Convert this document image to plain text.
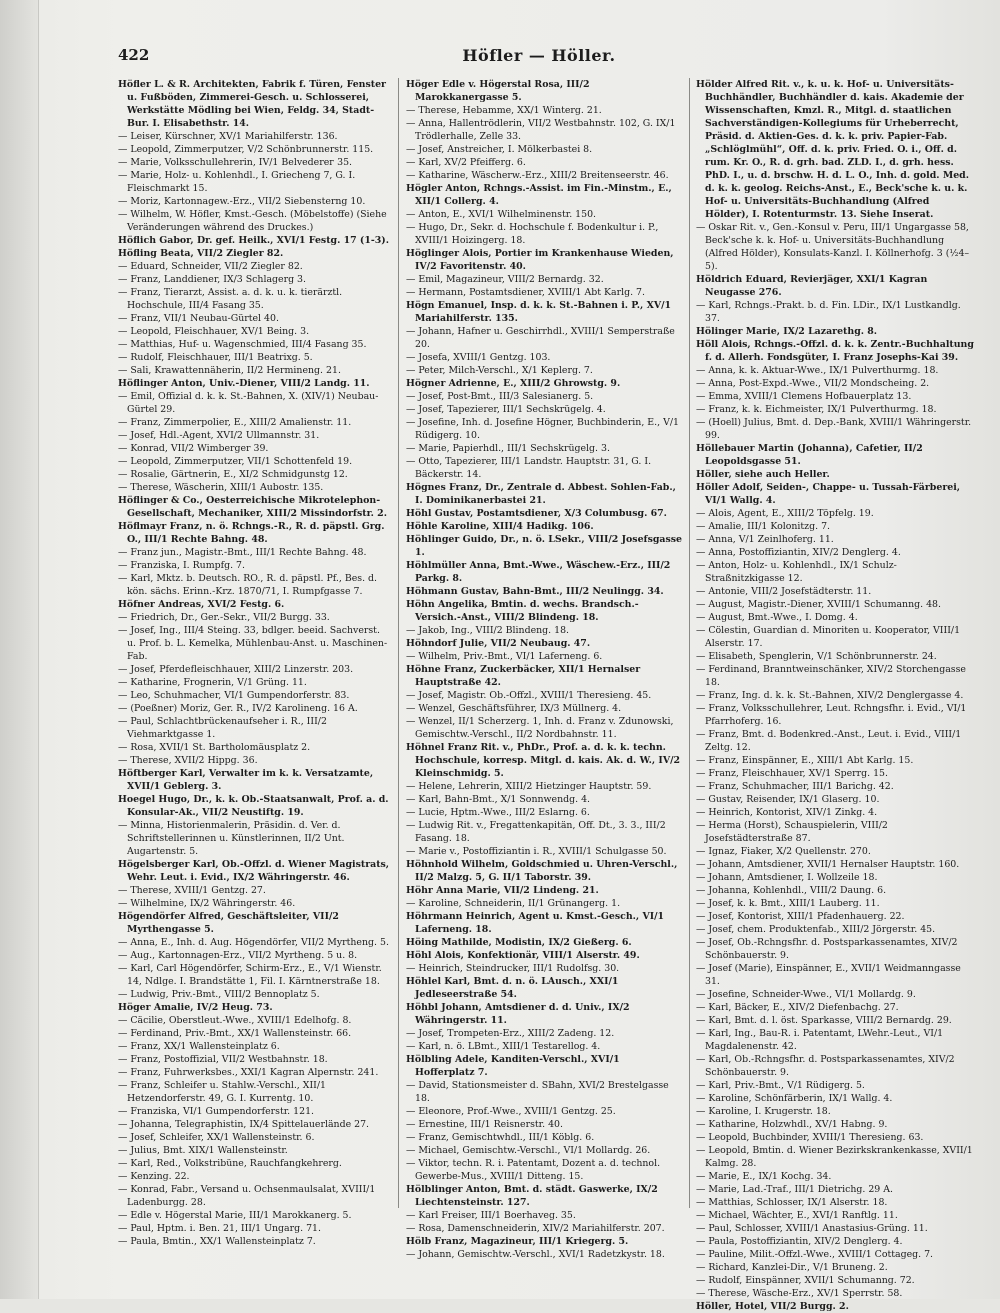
422	Höfler — Höller.

Höfler L. & R. Architekten, Fabrik f. Türen, Fenster u. Fußböden, Zimmerei-Gesch. u. Schlosserei, Werkstätte Mödling bei Wien, Feldg. 34, Stadt-Bur. I. Elisabethstr. 14.

— Leiser, Kürschner, XV/1 Mariahilferstr. 136.

— Leopold, Zimmerputzer, V/2 Schönbrunnerstr. 115.

— Marie, Volksschullehrerin, IV/1 Belvederег 35.

— Marie, Holz- u. Kohlenhdl., I. Griecheng 7, G. I. Fleischmarkt 15.

— Moriz, Kartonnagew.-Erz., VII/2 Siebensterng 10.

— Wilhelm, W. Höfler, Kmst.-Gesch. (Möbelstoffe) (Siehe Veränderungen während des Druckes.)

Höflich Gabor, Dr. gef. Heilk., XVI/1 Festg. 17 (1-3).

Höfling Beata, VII/2 Ziegler 82.

— Eduard, Schneider, VII/2 Ziegler 82.

— Franz, Landdiener, IX/3 Schlagerg 3.

— Franz, Tierarzt, Assist. a. d. k. u. k. tierärztl. Hochschule, III/4 Fasang 35.

— Franz, VII/1 Neubau-Gürtel 40.

— Leopold, Fleischhauer, XV/1 Being. 3.

— Matthias, Huf- u. Wagenschmied, III/4 Fasang 35.

— Rudolf, Fleischhauer, III/1 Beatrixg. 5.

— Sali, Krawattennäherin, II/2 Hermineng. 21.

Höflinger Anton, Univ.-Diener, VIII/2 Landg. 11.

— Emil, Offizial d. k. k. St.-Bahnen, X. (XIV/1) Neubau-Gürtel 29.

— Franz, Zimmerpolier, E., XIII/2 Amalienstr. 11.

— Josef, Hdl.-Agent, XVI/2 Ullmannstr. 31.

— Konrad, VII/2 Wimberger 39.

— Leopold, Zimmerputzer, VII/1 Schottenfeld 19.

— Rosalie, Gärtnerin, E., XI/2 Schmidgunstg 12.

— Therese, Wäscherin, XIII/1 Aubostr. 135.

Höflinger & Co., Oesterreichische Mikrotelephon-Gesellschaft, Mechaniker, XIII/2 Missindorfstr. 2.

Höflmayr Franz, n. ö. Rchngs.-R., R. d. päpstl. Grg. O., III/1 Rechte Bahng. 48.

— Franz jun., Magistr.-Bmt., III/1 Rechte Bahng. 48.

— Franziska, I. Rumpfg. 7.

— Karl, Mktz. b. Deutsch. RO., R. d. päpstl. Pf., Bes. d. kön. sächs. Erinn.-Krz. 1870/71, I. Rumpfgasse 7.

Höfner Andreas, XVI/2 Festg. 6.

— Friedrich, Dr., Ger.-Sekr., VII/2 Burgg. 33.

— Josef, Ing., III/4 Steing. 33, bdlger. beeid. Sachverst. u. Prof. b. L. Kemelka, Mühlenbau-Anst. u. Maschinen-Fab.

— Josef, Pferdefleischhauer, XIII/2 Linzerstr. 203.

— Katharine, Frognerin, V/1 Grüng. 11.

— Leo, Schuhmacher, VI/1 Gumpendorferstr. 83.

— (Poeßner) Moriz, Ger. R., IV/2 Karolineng. 16 A.

— Paul, Schlachtbrückenaufseher i. R., III/2 Viehmarktgasse 1.

— Rosa, XVII/1 St. Bartholomäusplatz 2.

— Therese, XVII/2 Hippg. 36.

Höftberger Karl, Verwalter im k. k. Versatzamte, XVII/1 Geblerg. 3.

Hoegel Hugo, Dr., k. k. Ob.-Staatsanwalt, Prof. a. d. Konsular-Ak., VII/2 Neustiftg. 19.

— Minna, Historienmalerin, Präsidin. d. Ver. d. Schriftstellerinnen u. Künstlerinnen, II/2 Unt. Augartenstr. 5.

Högelsberger Karl, Ob.-Offzl. d. Wiener Magistrats, Wehr. Leut. i. Evid., IX/2 Währingerstr. 46.

— Therese, XVIII/1 Gentzg. 27.

— Wilhelmine, IX/2 Währingerstr. 46.

Högendörfer Alfred, Geschäftsleiter, VII/2 Myrthengasse 5.

— Anna, E., Inh. d. Aug. Högendörfer, VII/2 Myrtheng. 5.

— Aug., Kartonnagen-Erz., VII/2 Myrtheng. 5 u. 8.

— Karl, Carl Högendörfer, Schirm-Erz., E., V/1 Wienstr. 14, Ndlge. I. Brandstätte 1, Fil. I. Kärntnerstraße 18.

— Ludwig, Priv.-Bmt., VIII/2 Bennoplatz 5.

Höger Amalie, IV/2 Heug. 73.

— Cäcilie, Oberstleut.-Wwe., XVIII/1 Edelhofg. 8.

— Ferdinand, Priv.-Bmt., XX/1 Wallensteinstr. 66.

— Franz, XX/1 Wallensteinplatz 6.

— Franz, Postoffizial, VII/2 Westbahnstr. 18.

— Franz, Fuhrwerksbes., XXI/1 Kagran Alpernstr. 241.

— Franz, Schleifer u. Stahlw.-Verschl., XII/1 Hetzendorferstr. 49, G. I. Kurrentg. 10.

— Franziska, VI/1 Gumpendorferstr. 121.

— Johanna, Telegraphistin, IX/4 Spittelauerlände 27.

— Josef, Schleifer, XX/1 Wallensteinstr. 6.

— Julius, Bmt. XIX/1 Wallensteinstr.

— Karl, Red., Volkstribüne, Rauchfangkehrerg.

— Kenzing. 22.

— Konrad, Fabr., Versand u. Ochsenmaulsalat, XVIII/1 Ladenburgg. 28.

— Edle v. Högerstal Marie, III/1 Marokkanerg. 5.

— Paul, Hptm. i. Ben. 21, III/1 Ungarg. 71.

— Paula, Bmtin., XX/1 Wallensteinplatz 7.

Höger Edle v. Högerstal Rosa, III/2 Marokkanergasse 5.

— Therese, Hebamme, XX/1 Winterg. 21.

— Anna, Hallentrödlerin, VII/2 Westbahnstr. 102, G. IX/1 Trödlerhalle, Zelle 33.

— Josef, Anstreicher, I. Mölkerbastei 8.

— Karl, XV/2 Pfeifferg. 6.

— Katharine, Wäscherw.-Erz., XIII/2 Breitenseerstr. 46.

Högler Anton, Rchngs.-Assist. im Fin.-Minstm., E., XII/1 Collerg. 4.

— Anton, E., XVI/1 Wilhelminenstr. 150.

— Hugo, Dr., Sekr. d. Hochschule f. Bodenkultur i. P., XVIII/1 Hoizingerg. 18.

Höglinger Alois, Portier im Krankenhause Wieden, IV/2 Favoritenstr. 40.

— Emil, Magazineur, VIII/2 Bernardg. 32.

— Hermann, Postamtsdiener, XVIII/1 Abt Karlg. 7.

Högn Emanuel, Insp. d. k. k. St.-Bahnen i. P., XV/1 Mariahilferstr. 135.

— Johann, Hafner u. Geschirrhdl., XVIII/1 Semperstraße 20.

— Josefa, XVIII/1 Gentzg. 103.

— Peter, Milch-Verschl., X/1 Keplerg. 7.

Högner Adrienne, E., XIII/2 Ghrowstg. 9.

— Josef, Post-Bmt., III/3 Salesianerg. 5.

— Josef, Tapezierer, III/1 Sechskrügelg. 4.

— Josefine, Inh. d. Josefine Högner, Buchbinderin, E., V/1 Rüdigerg. 10.

— Marie, Papierhdl., III/1 Sechskrügelg. 3.

— Otto, Tapezierer, III/1 Landstr. Hauptstr. 31, G. I. Bäckerstr. 14.

Högnes Franz, Dr., Zentrale d. Abbest. Sohlen-Fab., I. Dominikanerbastei 21.

Höhl Gustav, Postamtsdiener, X/3 Columbusg. 67.

Höhle Karoline, XIII/4 Hadikg. 106.

Höhlinger Guido, Dr., n. ö. LSekr., VIII/2 Josefsgasse 1.

Höhlmüller Anna, Bmt.-Wwe., Wäschew.-Erz., III/2 Parkg. 8.

Höhmann Gustav, Bahn-Bmt., III/2 Neulingg. 34.

Höhn Angelika, Bmtin. d. wechs. Brandsch.-Versich.-Anst., VIII/2 Blindeng. 18.

— Jakob, Ing., VIII/2 Blindeng. 18.

Höhndorf Julie, VII/2 Neubaug. 47.

— Wilhelm, Priv.-Bmt., VI/1 Laferneng. 6.

Höhne Franz, Zuckerbäcker, XII/1 Hernalser Hauptstraße 42.

— Josef, Magistr. Ob.-Offzl., XVIII/1 Theresieng. 45.

— Wenzel, Geschäftsführer, IX/3 Müllnerg. 4.

— Wenzel, II/1 Scherzerg. 1, Inh. d. Franz v. Zdunowski, Gemischtw.-Verschl., II/2 Nordbahnstr. 11.

Höhnel Franz Rit. v., PhDr., Prof. a. d. k. k. techn. Hochschule, korresp. Mitgl. d. kais. Ak. d. W., IV/2 Kleinschmidg. 5.

— Helene, Lehrerin, XIII/2 Hietzinger Hauptstr. 59.

— Karl, Bahn-Bmt., X/1 Sonnwendg. 4.

— Lucie, Hptm.-Wwe., III/2 Eslarng. 6.

— Ludwig Rit. v., Fregattenkapitän, Off. Dt., 3. 3., III/2 Fasang. 18.

— Marie v., Postoffiziantin i. R., XVIII/1 Schulgasse 50.

Höhnhold Wilhelm, Goldschmied u. Uhren-Verschl., II/2 Malzg. 5, G. II/1 Taborstr. 39.

Höhr Anna Marie, VII/2 Lindeng. 21.

— Karoline, Schneiderin, II/1 Grünangerg. 1.

Höhrmann Heinrich, Agent u. Kmst.-Gesch., VI/1 Laferneng. 18.

Höing Mathilde, Modistin, IX/2 Gießerg. 6.

Höhl Alois, Konfektionär, VIII/1 Alserstr. 49.

— Heinrich, Steindrucker, III/1 Rudolfsg. 30.

Höhlel Karl, Bmt. d. n. ö. LAusch., XXI/1 Jedleseerstraße 54.

Höhbl Johann, Amtsdiener d. d. Univ., IX/2 Währingerstr. 11.

— Josef, Trompeten-Erz., XIII/2 Zadeng. 12.

— Karl, n. ö. LBmt., XIII/1 Testarellog. 4.

Hölbling Adele, Kanditen-Verschl., XVI/1 Hofferplatz 7.

— David, Stationsmeister d. SBahn, XVI/2 Brestelgasse 18.

— Eleonore, Prof.-Wwe., XVIII/1 Gentzg. 25.

— Ernestine, III/1 Reisnerstr. 40.

— Franz, Gemischtwhdl., III/1 Köblg. 6.

— Michael, Gemischtw.-Verschl., VI/1 Mollardg. 26.

— Viktor, techn. R. i. Patentamt, Dozent a. d. technol. Gewerbe-Mus., XVIII/1 Ditteng. 15.

Hölblinger Anton, Bmt. d. städt. Gaswerke, IX/2 Liechtensteinstr. 127.

— Karl Freiser, III/1 Boerhaveg. 35.

— Rosa, Damenschneiderin, XIV/2 Mariahilferstr. 207.

Hölb Franz, Magazineur, III/1 Kriegerg. 5.

— Johann, Gemischtw.-Verschl., XVI/1 Radetzkystr. 18.

Hölder Alfred Rit. v., k. u. k. Hof- u. Universitäts-Buchhändler, Buchhändler d. kais. Akademie der Wissenschaften, Kmzl. R., Mitgl. d. staatlichen Sachverständigen-Kollegiums für Urheberrecht, Präsid. d. Aktien-Ges. d. k. k. priv. Papier-Fab. „Schlöglmühl“, Off. d. k. priv. Fried. O. i., Off. d. rum. Kr. O., R. d. grh. bad. ZLD. I., d. grh. hess. PhD. I., u. d. brschw. H. d. L. O., Inh. d. gold. Med. d. k. k. geolog. Reichs-Anst., E., Beck'sche k. u. k. Hof- u. Universitäts-Buchhandlung (Alfred Hölder), I. Rotenturmstr. 13. Siehe Inserat.

— Oskar Rit. v., Gen.-Konsul v. Peru, III/1 Ungargasse 58, Beck'sche k. k. Hof- u. Universitäts-Buchhandlung (Alfred Hölder), Konsulats-Kanzl. I. Köllnerhofg. 3 (½4–5).

Höldrich Eduard, Revierjäger, XXI/1 Kagran Neugasse 276.

— Karl, Rchngs.-Prakt. b. d. Fin. LDir., IX/1 Lustkandlg. 37.

Hölinger Marie, IX/2 Lazarethg. 8.

Höll Alois, Rchngs.-Offzl. d. k. k. Zentr.-Buchhaltung f. d. Allerh. Fondsgüter, I. Franz Josephs-Kai 39.

— Anna, k. k. Aktuar-Wwe., IX/1 Pulverthurmg. 18.

— Anna, Post-Expd.-Wwe., VII/2 Mondscheing. 2.

— Emma, XVIII/1 Clemens Hofbauerplatz 13.

— Franz, k. k. Eichmeister, IX/1 Pulverthurmg. 18.

— (Hoell) Julius, Bmt. d. Dep.-Bank, XVIII/1 Währingerstr. 99.

Höllebauer Martin (Johanna), Cafetier, II/2 Leopoldsgasse 51.

Höller, siehe auch Heller.

Höller Adolf, Seiden-, Chappe- u. Tussah-Färberei, VI/1 Wallg. 4.

— Alois, Agent, E., XIII/2 Töpfelg. 19.

— Amalie, III/1 Kolonitzg. 7.

— Anna, V/1 Zeinlhoferg. 11.

— Anna, Postoffiziantin, XIV/2 Denglerg. 4.

— Anton, Holz- u. Kohlenhdl., IX/1 Schulz-Straßnitzkigasse 12.

— Antonie, VIII/2 Josefstädterstr. 11.

— August, Magistr.-Diener, XVIII/1 Schumanng. 48.

— August, Bmt.-Wwe., I. Domg. 4.

— Cölestin, Guardian d. Minoriten u. Kooperator, VIII/1 Alserstr. 17.

— Elisabeth, Spenglerin, V/1 Schönbrunnerstr. 24.

— Ferdinand, Branntweinschänker, XIV/2 Storchengasse 18.

— Franz, Ing. d. k. k. St.-Bahnen, XIV/2 Denglergasse 4.

— Franz, Volksschullehrer, Leut. Rchngsfhr. i. Evid., VI/1 Pfarrhoferg. 16.

— Franz, Bmt. d. Bodenkred.-Anst., Leut. i. Evid., VIII/1 Zeltg. 12.

— Franz, Einspänner, E., XIII/1 Abt Karlg. 15.

— Franz, Fleischhauer, XV/1 Sperrg. 15.

— Franz, Schuhmacher, III/1 Barichg. 42.

— Gustav, Reisender, IX/1 Glaserg. 10.

— Heinrich, Kontorist, XIV/1 Zinkg. 4.

— Herma (Horst), Schauspielerin, VIII/2 Josefstädterstraße 87.

— Ignaz, Fiaker, X/2 Quellenstr. 270.

— Johann, Amtsdiener, XVII/1 Hernalser Hauptstr. 160.

— Johann, Amtsdiener, I. Wollzeile 18.

— Johanna, Kohlenhdl., VIII/2 Daung. 6.

— Josef, k. k. Bmt., XIII/1 Lauberg. 11.

— Josef, Kontorist, XIII/1 Pfadenhauerg. 22.

— Josef, chem. Produktenfab., XIII/2 Jörgerstr. 45.

— Josef, Ob.-Rchngsfhr. d. Postsparkassenamtes, XIV/2 Schönbauerstr. 9.

— Josef (Marie), Einspänner, E., XVII/1 Weidmanngasse 31.

— Josefine, Schneider-Wwe., VI/1 Mollardg. 9.

— Karl, Bäcker, E., XIV/2 Diefenbachg. 27.

— Karl, Bmt. d. l. öst. Sparkasse, VIII/2 Bernardg. 29.

— Karl, Ing., Bau-R. i. Patentamt, LWehr.-Leut., VI/1 Magdalenenstr. 42.

— Karl, Ob.-Rchngsfhr. d. Postsparkassenamtes, XIV/2 Schönbauerstr. 9.

— Karl, Priv.-Bmt., V/1 Rüdigerg. 5.

— Karoline, Schönfärberin, IX/1 Wallg. 4.

— Karoline, I. Krugerstr. 18.

— Katharine, Holzwhdl., XV/1 Habng. 9.

— Leopold, Buchbinder, XVIII/1 Theresieng. 63.

— Leopold, Bmtin. d. Wiener Bezirkskrankenkasse, XVII/1 Kalmg. 28.

— Marie, E., IX/1 Kochg. 34.

— Marie, Lad.-Traf., III/1 Dietrichg. 29 A.

— Matthias, Schlosser, IX/1 Alserstr. 18.

— Michael, Wächter, E., XVI/1 Ranftlg. 11.

— Paul, Schlosser, XVIII/1 Anastasius-Grüng. 11.

— Paula, Postoffiziantin, XIV/2 Denglerg. 4.

— Pauline, Milit.-Offzl.-Wwe., XVIII/1 Cottageg. 7.

— Richard, Kanzlei-Dir., V/1 Bruneng. 2.

— Rudolf, Einspänner, XVII/1 Schumanng. 72.

— Therese, Wäsche-Erz., XV/1 Sperrstr. 58.

Höller, Hotel, VII/2 Burgg. 2.
